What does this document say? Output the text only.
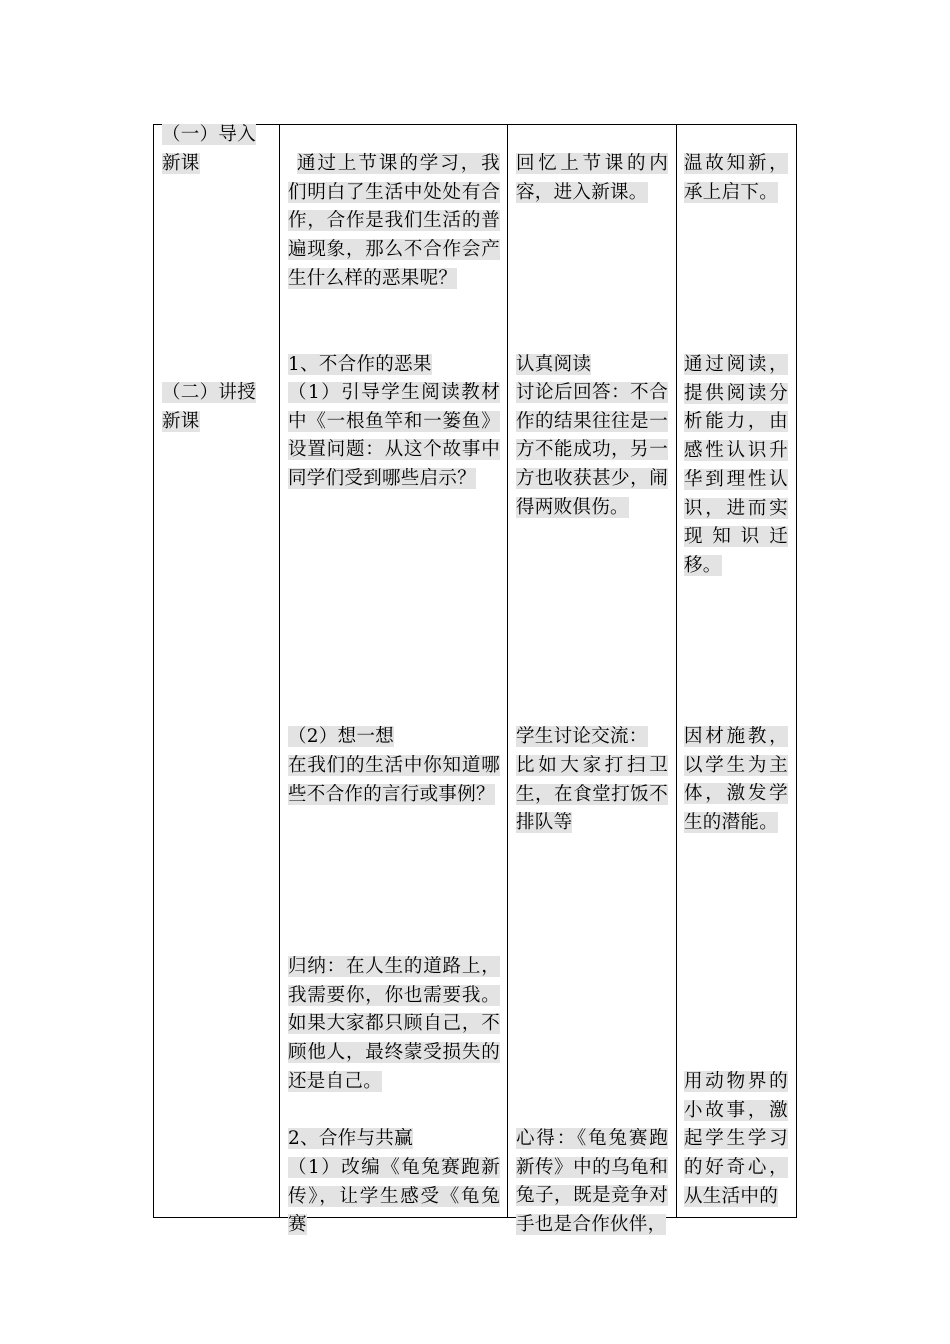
（一）导入新课
（二）讲授新课
通过上节课的学习，我们明白了生活中处处有合作，合作是我们生活的普遍现象，那么不合作会产生什么样的恶果呢？
1、不合作的恶果
（1）引导学生阅读教材中《一根鱼竿和一篓鱼》设置问题：从这个故事中同学们受到哪些启示？
（2）想一想
在我们的生活中你知道哪些不合作的言行或事例？
归纳：在人生的道路上，我需要你，你也需要我。如果大家都只顾自己，不顾他人，最终蒙受损失的还是自己。
2、合作与共赢
（1）改编《龟兔赛跑新传》，让学生感受《龟兔赛
回忆上节课的内容，进入新课。
认真阅读
讨论后回答：不合作的结果往往是一方不能成功，另一方也收获甚少，闹得两败俱伤。
学生讨论交流：
比如大家打扫卫生，在食堂打饭不排队等
心得：《龟兔赛跑新传》中的乌龟和兔子，既是竞争对手也是合作伙伴，
温故知新，承上启下。
通过阅读，提供阅读分析能力，由感性认识升华到理性认识，进而实现知识迁移。
因材施教，以学生为主体，激发学生的潜能。
用动物界的小故事，激起学生学习的好奇心，从生活中的
